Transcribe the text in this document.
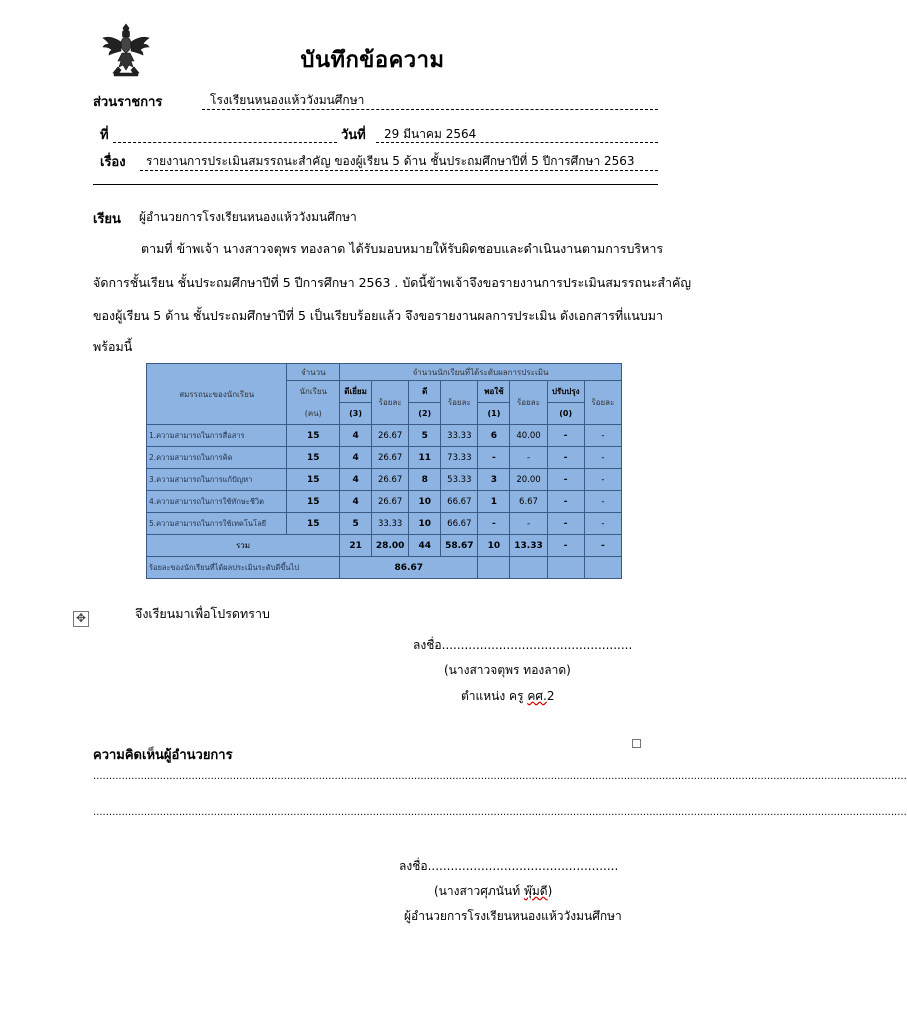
บันทึกข้อความ
ส่วนราชการ	โรงเรียนหนองแห้ววังมนศึกษา
ที่	วันที่ 29 มีนาคม 2564
เรื่อง รายงานการประเมินสมรรถนะสำคัญ ของผู้เรียน 5 ด้าน ชั้นประถมศึกษาปีที่ 5 ปีการศึกษา 2563
เรียน ผู้อำนวยการโรงเรียนหนองแห้ววังมนศึกษา
ตามที่ ข้าพเจ้า นางสาวจตุพร ทองลาด ได้รับมอบหมายให้รับผิดชอบและดำเนินงานตามการบริหาร
จัดการชั้นเรียน ชั้นประถมศึกษาปีที่ 5 ปีการศึกษา 2563 . บัดนี้ข้าพเจ้าจึงขอรายงานการประเมินสมรรถนะสำคัญ
ของผู้เรียน 5 ด้าน ชั้นประถมศึกษาปีที่ 5 เป็นเรียบร้อยแล้ว จึงขอรายงานผลการประเมิน ดังเอกสารที่แนบมา
พร้อมนี้
สมรรถนะของนักเรียน	จำนวน	จำนวนนักเรียนที่ได้ระดับผลการประเมิน							
	นักเรียน	ดีเยี่ยม	ร้อยละ	ดี	ร้อยละ	พอใช้	ร้อยละ	ปรับปรุง	ร้อยละ
	(คน)	(3)		(2)		(1)		(0)	
1.ความสามารถในการสื่อสาร	15	4	26.67	5	33.33	6	40.00	-	-
2.ความสามารถในการคิด	15	4	26.67	11	73.33	-	-	-	-
3.ความสามารถในการแก้ปัญหา	15	4	26.67	8	53.33	3	20.00	-	-
4.ความสามารถในการใช้ทักษะชีวิต	15	4	26.67	10	66.67	1	6.67	-	-
5.ความสามารถในการใช้เทคโนโลยี	15	5	33.33	10	66.67	-	-	-	-
รวม		21	28.00	44	58.67	10	13.33	-	-
ร้อยละของนักเรียนที่ได้ผลประเมินระดับดีขึ้นไป		86.67							
✥	จึงเรียนมาเพื่อโปรดทราบ
ลงชื่อ..................................................
(นางสาวจตุพร ทองลาด)
ตำแหน่ง ครู คศ.2
ความคิดเห็นผู้อำนวยการ
................................................................................................................................................................................................................................................................
................................................................................................................................................................................................................................................................
ลงชื่อ..................................................
(นางสาวศุภนันท์ พุ๊มดี)
ผู้อำนวยการโรงเรียนหนองแห้ววังมนศึกษา
